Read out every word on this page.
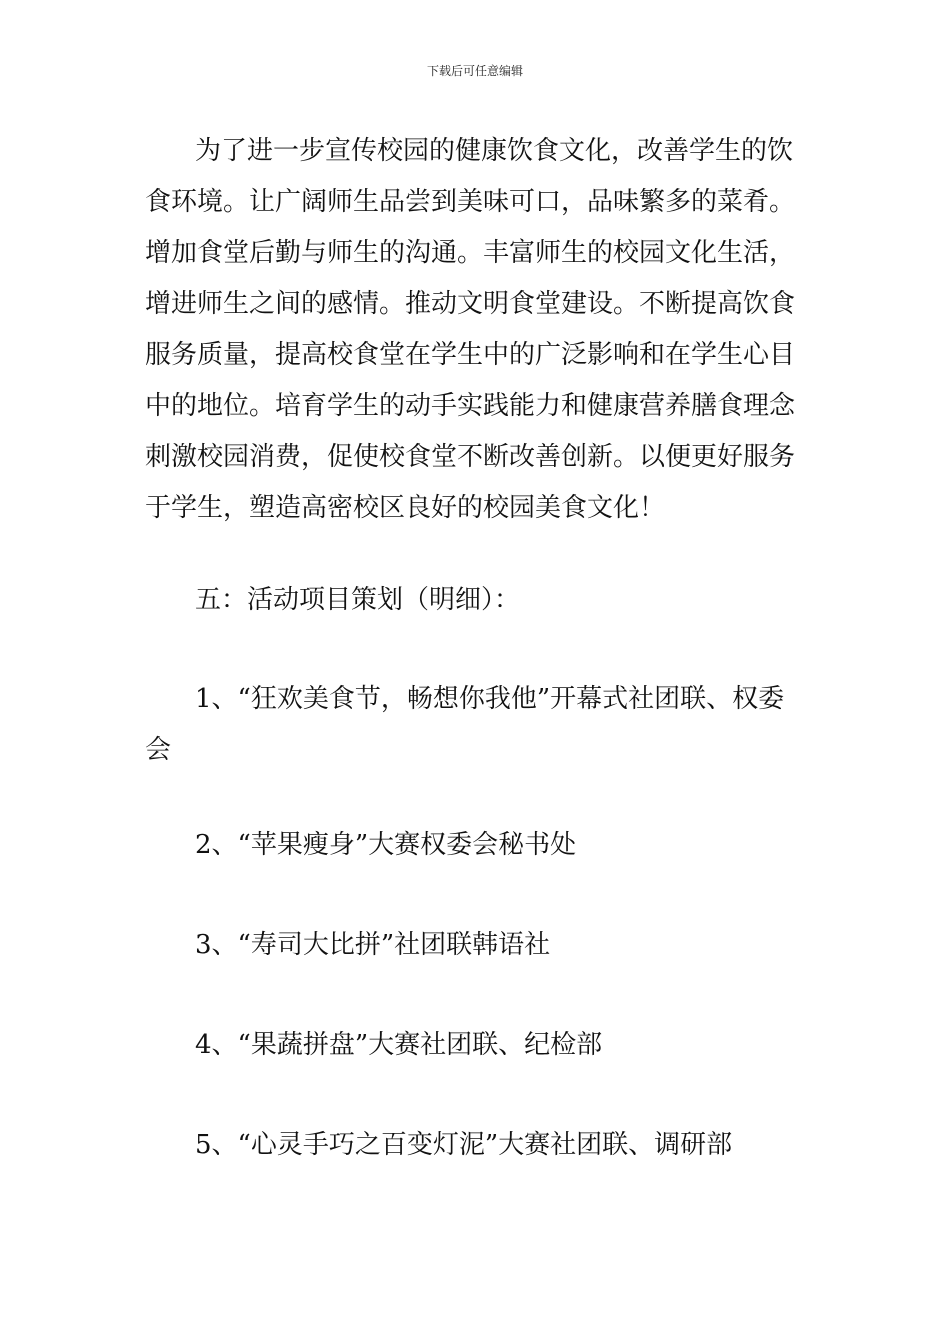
下载后可任意编辑
为了进一步宣传校园的健康饮食文化，改善学生的饮
食环境。让广阔师生品尝到美味可口，品味繁多的菜肴。
增加食堂后勤与师生的沟通。丰富师生的校园文化生活，
增进师生之间的感情。推动文明食堂建设。不断提高饮食
服务质量，提高校食堂在学生中的广泛影响和在学生心目
中的地位。培育学生的动手实践能力和健康营养膳食理念
刺激校园消费，促使校食堂不断改善创新。以便更好服务
于学生，塑造高密校区良好的校园美食文化！
五：活动项目策划（明细）：
1、“狂欢美食节，畅想你我他”开幕式社团联、权委
会
2、“苹果瘦身”大赛权委会秘书处
3、“寿司大比拼”社团联韩语社
4、“果蔬拼盘”大赛社团联、纪检部
5、“心灵手巧之百变灯泥”大赛社团联、调研部
